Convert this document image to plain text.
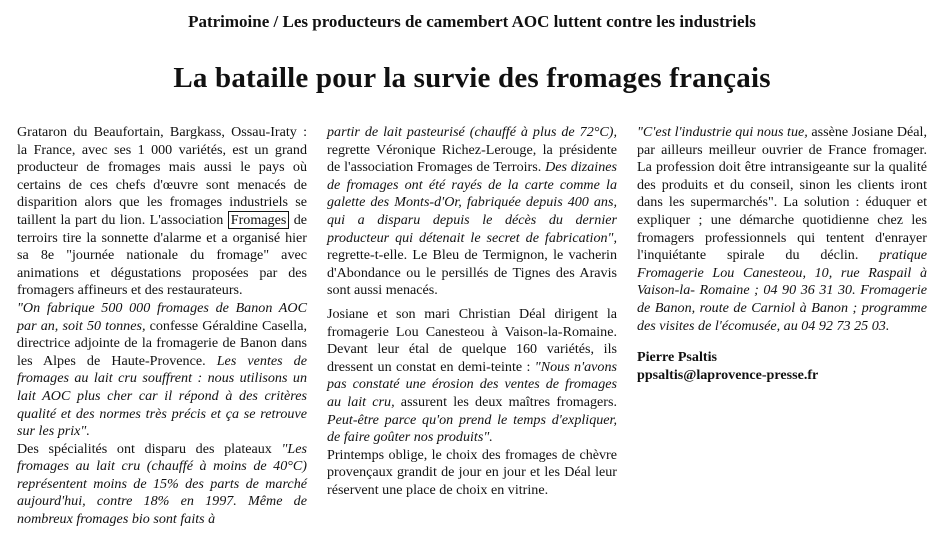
Patrimoine / Les producteurs de camembert AOC luttent contre les industriels
La bataille pour la survie des fromages français

Grataron du Beaufortain, Bargkass, Ossau-Iraty : la France, avec ses 1 000 variétés, est un grand producteur de fromages mais aussi le pays où certains de ces chefs d'œuvre sont menacés de disparition alors que les fromages industriels se taillent la part du lion. L'association Fromages de terroirs tire la sonnette d'alarme et a organisé hier sa 8e "journée nationale du fromage" avec animations et dégustations proposées par des fromagers affineurs et des restaurateurs.

"On fabrique 500 000 fromages de Banon AOC par an, soit 50 tonnes, confesse Géraldine Casella, directrice adjointe de la fromagerie de Banon dans les Alpes de Haute-Provence. Les ventes de fromages au lait cru souffrent : nous utilisons un lait AOC plus cher car il répond à des critères qualité et des normes très précis et ça se retrouve sur les prix".

Des spécialités ont disparu des plateaux "Les fromages au lait cru (chauffé à moins de 40°C) représentent moins de 15% des parts de marché aujourd'hui, contre 18% en 1997. Même de nombreux fromages bio sont faits à

partir de lait pasteurisé (chauffé à plus de 72°C), regrette Véronique Richez-Lerouge, la présidente de l'association Fromages de Terroirs. Des dizaines de fromages ont été rayés de la carte comme la galette des Monts-d'Or, fabriquée depuis 400 ans, qui a disparu depuis le décès du dernier producteur qui détenait le secret de fabrication", regrette-t-elle. Le Bleu de Termignon, le vacherin d'Abondance ou le persillés de Tignes des Aravis sont aussi menacés.

Josiane et son mari Christian Déal dirigent la fromagerie Lou Canesteou à Vaison-la-Romaine. Devant leur étal de quelque 160 variétés, ils dressent un constat en demi-teinte : "Nous n'avons pas constaté une érosion des ventes de fromages au lait cru, assurent les deux maîtres fromagers. Peut-être parce qu'on prend le temps d'expliquer, de faire goûter nos produits".

Printemps oblige, le choix des fromages de chèvre provençaux grandit de jour en jour et les Déal leur réservent une place de choix en vitrine.

"C'est l'industrie qui nous tue, assène Josiane Déal, par ailleurs meilleur ouvrier de France fromager. La profession doit être intransigeante sur la qualité des produits et du conseil, sinon les clients iront dans les supermarchés". La solution : éduquer et expliquer ; une démarche quotidienne chez les fromagers professionnels qui tentent d'enrayer l'inquiétante spirale du déclin. pratique Fromagerie Lou Canesteou, 10, rue Raspail à Vaison-la- Romaine ; 04 90 36 31 30. Fromagerie de Banon, route de Carniol à Banon ; programme des visites de l'écomusée, au 04 92 73 25 03.

Pierre Psaltis
ppsaltis@laprovence-presse.fr
